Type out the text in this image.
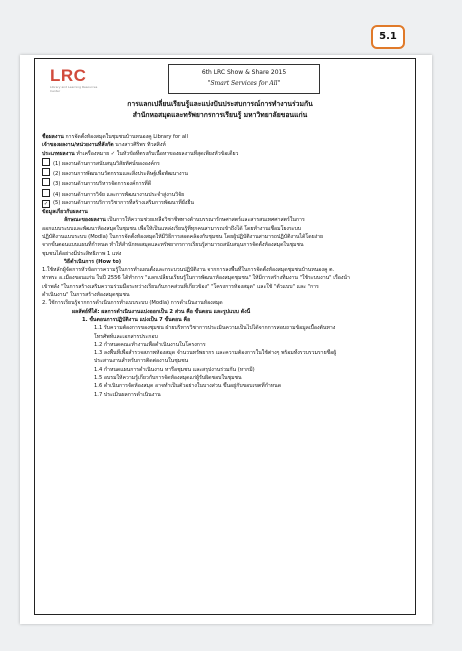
5.1
LRC
Library and Learning Resources Center
6th LRC Show & Share 2015
"Smart Services for All"
การแลกเปลี่ยนเรียนรู้และแบ่งปันประสบการณ์การทำงานร่วมกัน
สำนักหอสมุดและทรัพยากรการเรียนรู้ มหาวิทยาลัยขอนแก่น
ชื่อผลงาน การจัดตั้งห้องสมุดในชุมชนบ้านหนองคู Library for all
เจ้าของผลงาน/หน่วยงานที่สังกัด นางสาวศิริพร ทิวสสิงห์
ประเภทผลงาน ทำเครื่องหมาย ✓ ในหัวข้อที่ตรงกับเนื้อหาของผลงานที่สุดเพียงหัวข้อเดียว
(1) ผลงานด้านการสนับสนุนวิสัยทัศน์ขององค์กร
(2) ผลงานการพัฒนานวัตกรรมและสิ่งประดิษฐ์เพื่อพัฒนางาน
(3) ผลงานด้านการบริหารจัดการองค์การที่ดี
(4) ผลงานด้านการวิจัย และการพัฒนางานประจำสู่งานวิจัย
✓ (5) ผลงานด้านการบริการวิชาการที่สร้างเสริมการพัฒนาที่ยั่งยืน
ข้อมูลเกี่ยวกับผลงาน
ลักษณะของผลงาน เป็นการให้ความช่วยเหลือวิชาชีพทางด้านบรรณารักษศาสตร์และสารสนเทศศาสตร์ในการ
ออกแบบระบบและพัฒนาห้องสมุดในชุมชน เพื่อให้เป็นแหล่งเรียนรู้ที่ทุกคนสามารถเข้าถึงได้ โดยทำงานเชื่อมโยงระบบ
ปฏิบัติงานแบบระบบ (Modla) ในการจัดตั้งห้องสมุดให้มีวิธีการสอดคล้องกับชุมชน โดยผู้ปฏิบัติงานสามารถปฏิบัติงานได้โดยง่าย
จากขั้นตอนแบบแผนที่กำหนด ทำให้สำนักหอสมุดและทรัพยากรการเรียนรู้สามารถสนับสนุนการจัดตั้งห้องสมุดในชุมชน
ชุมชนได้อย่างมีประสิทธิภาพ 1 แห่ง
วิธีดำเนินการ (How to)
1.ใช้หลักผู้จัดการหัวข้อการความรู้ในการทำแผนตั้งและกระบวนปฏิบัติงาน จากการลงพื้นที่ในการจัดตั้งห้องสมุดชุมชนบ้านหนองคู ต.
ท่าพระ อ.เมืองขอนแก่น ในปี 2556 ได้ทำการ "แลกเปลี่ยนเรียนรู้ในการพัฒนาห้องสมุดชุมชน" ให้มีการสร้างทีมงาน "ใช้ระบบงาน" เรื่องนำ
เข้าพลัง "ในการสร้างเสริมความร่วมมือระหว่างเรียนกับภาคส่วนที่เกี่ยวข้อง" "โครงการห้องสมุด" และใช้ "ตัวแบบ" และ "การ
ดำเนินงาน" ในการสร้างห้องสมุดชุมชน
2. ใช้การเรียนรู้จากการดำเนินการทำแบบระบบ (Modla) การดำเนินงานห้องสมุด
ผลลัพธ์ที่ได้: ผลการดำเนินงานแบ่งออกเป็น 2 ส่วน คือ ขั้นตอน และรูปแบบ ดังนี้
1. ขั้นตอนการปฏิบัติงาน แบ่งเป็น 7 ขั้นตอน คือ
1.1 รับความต้องการของชุมชน ฝ่ายบริหารวิชาการประเมินความเป็นไปได้จากการสอบถามข้อมูลเบื้องต้นทาง
โทรศัพท์และเอกสารประกอบ
1.2 กำหนดคณะทำงานเพื่อดำเนินงานในโครงการ
1.3 ลงพื้นที่เพื่อสำรวจสภาพห้องสมุด จำนวนทรัพยากร และความต้องการในใช้ต่างๆ พร้อมทั้งรวบรวมรายชื่อผู้
ประสานงานสำหรับการติดต่องานในชุมชน
1.4 กำหนดแผนการดำเนินงาน หารือชุมชน และสรุปงานร่วมกัน (หากมี)
1.5 อบรมให้ความรู้เกี่ยวกับการจัดห้องสมุดแก่ผู้รับผิดชอบในชุมชน
1.6 ดำเนินการจัดห้องสมุด อาจทำเป็นตัวอย่างในบางส่วน ขึ้นอยู่กับขอบเขตที่กำหนด
1.7 ประเมินผลการดำเนินงาน
